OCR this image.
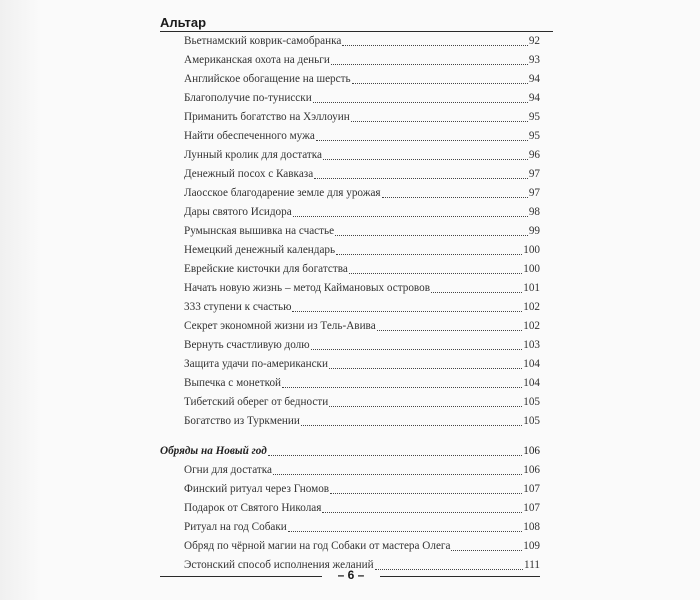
Альтар
Вьетнамский коврик-самобранка	92
Американская охота на деньги	93
Английское обогащение на шерсть	94
Благополучие по-тунисски	94
Приманить богатство на Хэллоуин	95
Найти обеспеченного мужа	95
Лунный кролик для достатка	96
Денежный посох с Кавказа	97
Лаосское благодарение земле для урожая	97
Дары святого Исидора	98
Румынская вышивка на счастье	99
Немецкий денежный календарь	100
Еврейские кисточки для богатства	100
Начать новую жизнь – метод Каймановых островов	101
333 ступени к счастью	102
Секрет экономной жизни из Тель-Авива	102
Вернуть счастливую долю	103
Защита удачи по-американски	104
Выпечка с монеткой	104
Тибетский оберег от бедности	105
Богатство из Туркмении	105
Обряды на Новый год	106
Огни для достатка	106
Финский ритуал через Гномов	107
Подарок от Святого Николая	107
Ритуал на год Собаки	108
Обряд по чёрной магии на год Собаки от мастера Олега	109
Эстонский способ исполнения желаний	111
– 6 –
